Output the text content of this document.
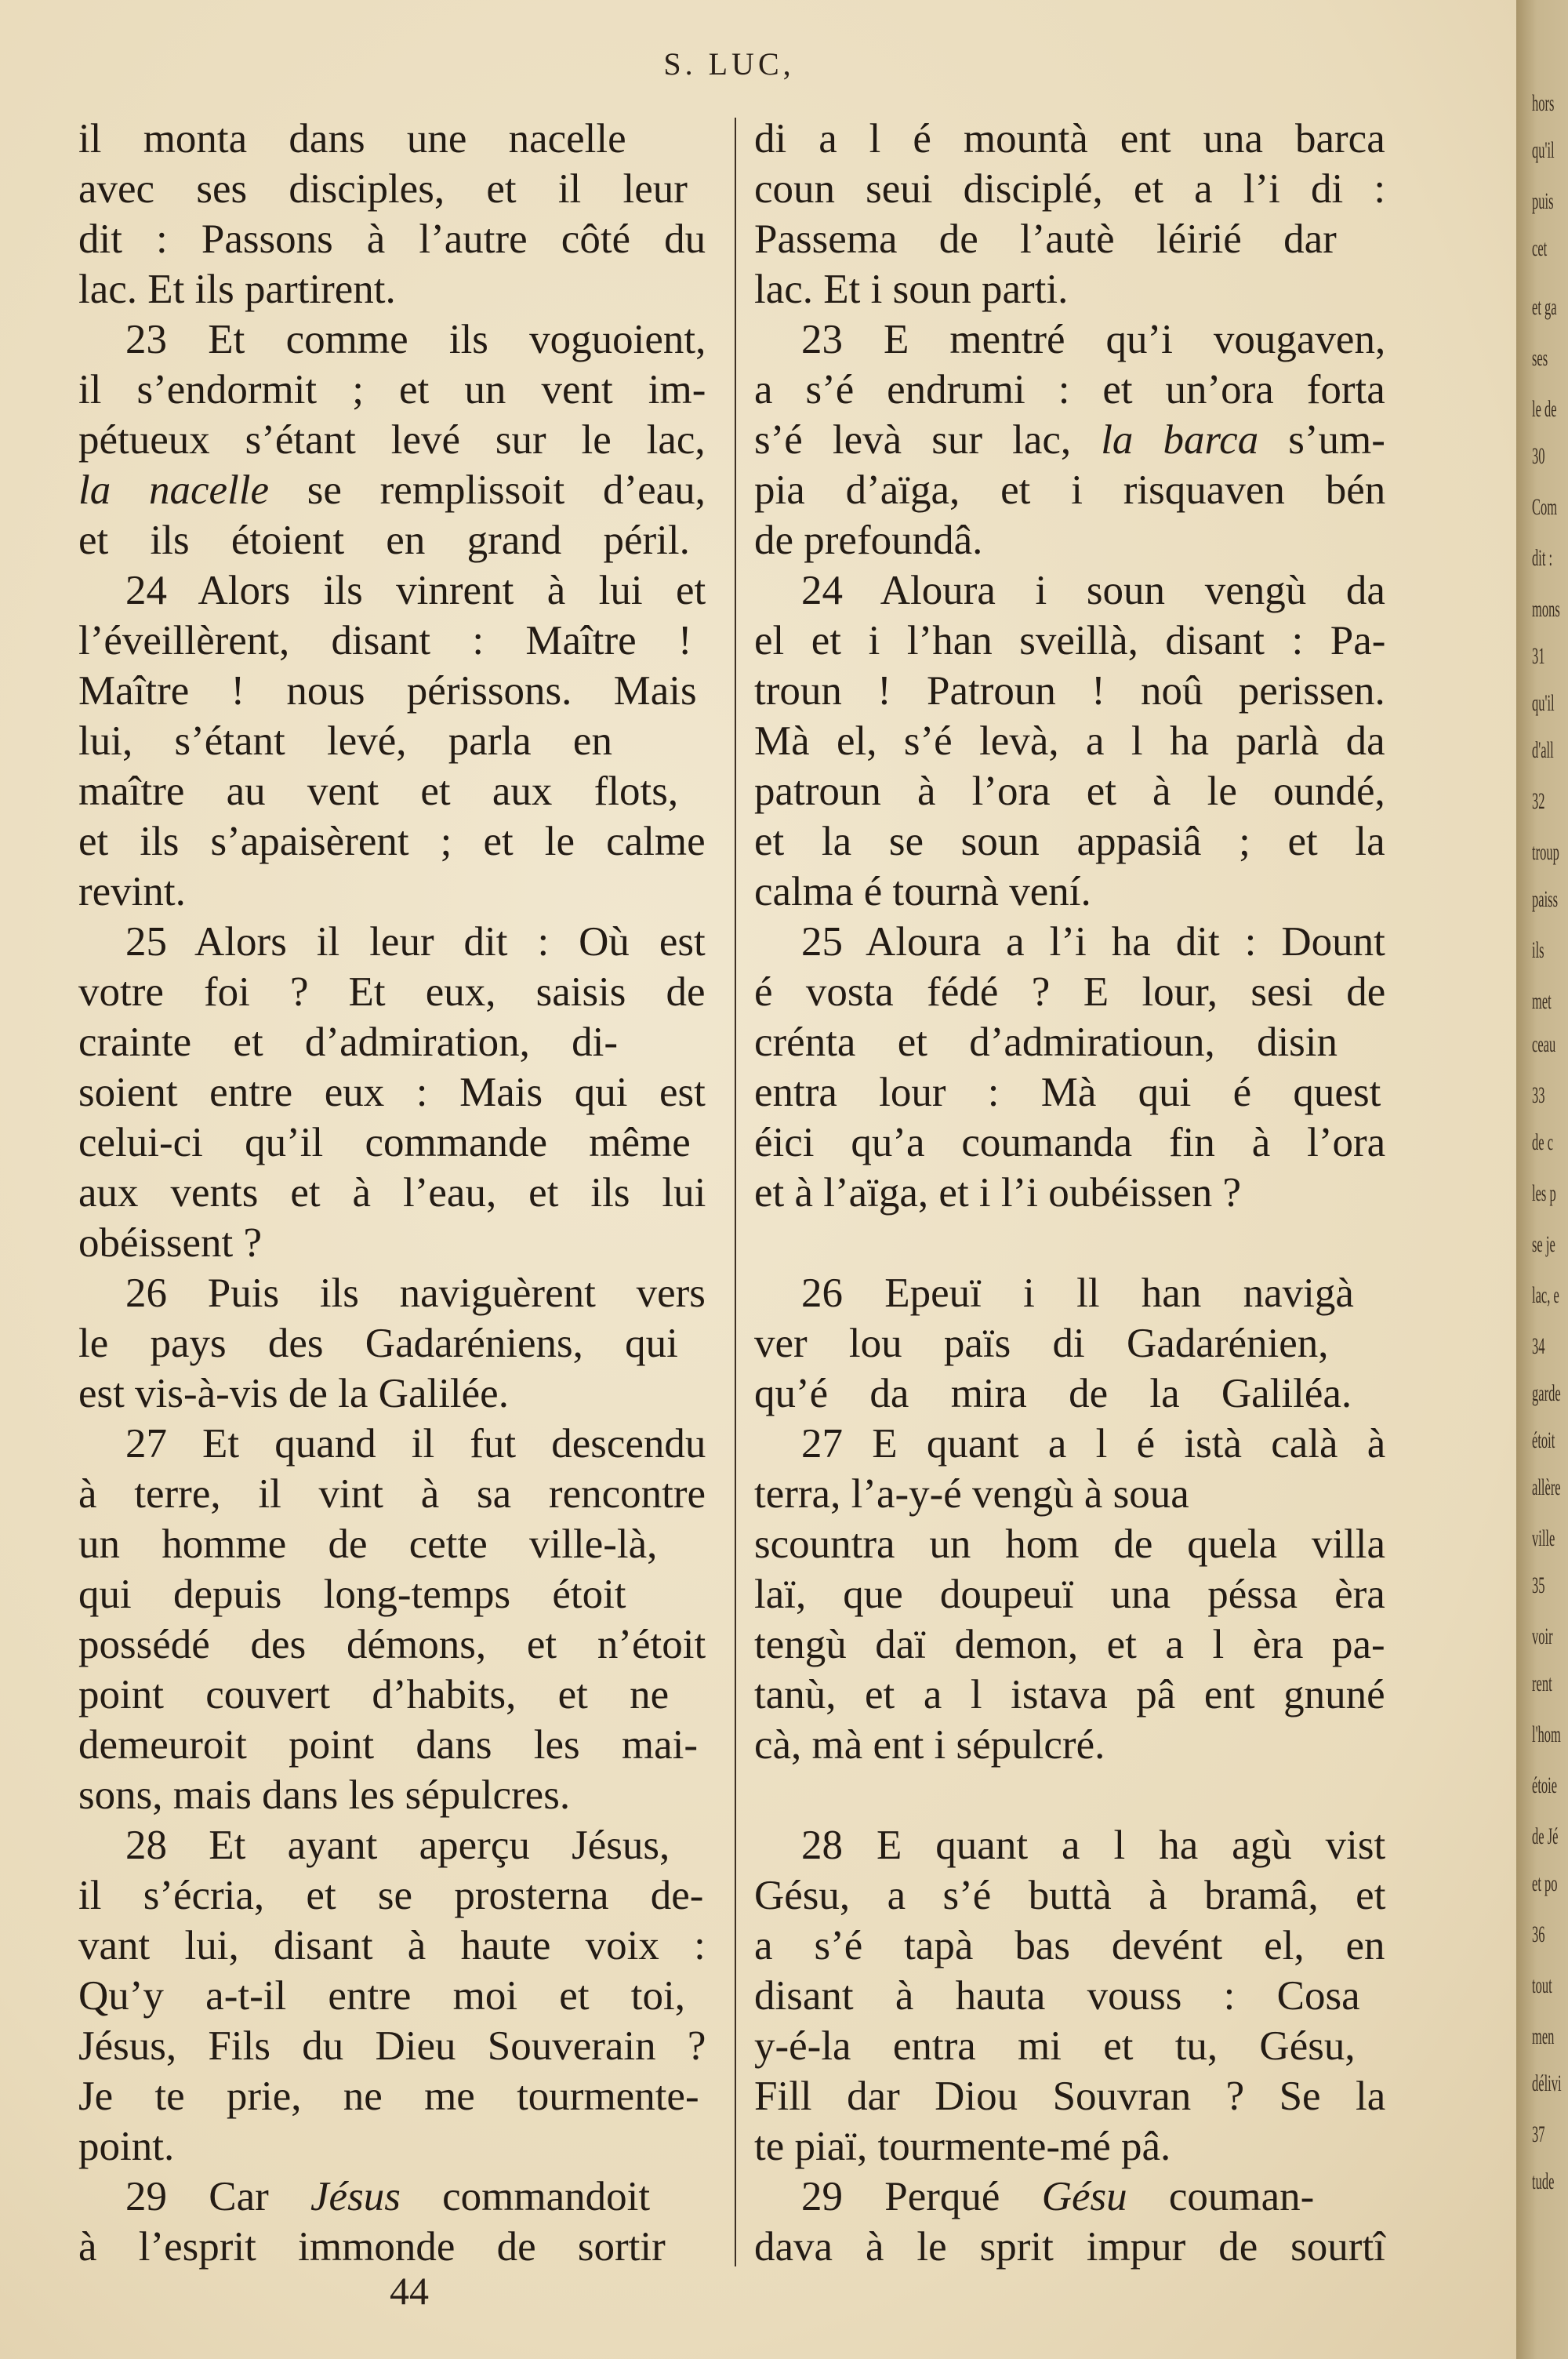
S. LUC,
il monta dans une nacelle
avec ses disciples, et il leur
dit : Passons à l’autre côté du
lac. Et ils partirent.
23 Et comme ils voguoient,
il s’endormit ; et un vent im-
pétueux s’étant levé sur le lac,
la nacelle se remplissoit d’eau,
et ils étoient en grand péril.
24 Alors ils vinrent à lui et
l’éveillèrent, disant : Maître !
Maître ! nous périssons. Mais
lui, s’étant levé, parla en
maître au vent et aux flots,
et ils s’apaisèrent ; et le calme
revint.
25 Alors il leur dit : Où est
votre foi ? Et eux, saisis de
crainte et d’admiration, di-
soient entre eux : Mais qui est
celui-ci qu’il commande même
aux vents et à l’eau, et ils lui
obéissent ?
26 Puis ils naviguèrent vers
le pays des Gadaréniens, qui
est vis-à-vis de la Galilée.
27 Et quand il fut descendu
à terre, il vint à sa rencontre
un homme de cette ville-là,
qui depuis long-temps étoit
possédé des démons, et n’étoit
point couvert d’habits, et ne
demeuroit point dans les mai-
sons, mais dans les sépulcres.
28 Et ayant aperçu Jésus,
il s’écria, et se prosterna de-
vant lui, disant à haute voix :
Qu’y a-t-il entre moi et toi,
Jésus, Fils du Dieu Souverain ?
Je te prie, ne me tourmente-
point.
29 Car Jésus commandoit
à l’esprit immonde de sortir
di a l é mountà ent una barca
coun seui disciplé, et a l’i di :
Passema de l’autè léirié dar
lac. Et i soun parti.
23 E mentré qu’i vougaven,
a s’é endrumi : et un’ora forta
s’é levà sur lac, la barca s’um-
pia d’aïga, et i risquaven bén
de prefoundâ.
24 Aloura i soun vengù da
el et i l’han sveillà, disant : Pa-
troun ! Patroun ! noû perissen.
Mà el, s’é levà, a l ha parlà da
patroun à l’ora et à le oundé,
et la se soun appasiâ ; et la
calma é tournà vení.
25 Aloura a l’i ha dit : Dount
é vosta fédé ? E lour, sesi de
crénta et d’admiratioun, disin
entra lour : Mà qui é quest
éici qu’a coumanda fin à l’ora
et à l’aïga, et i l’i oubéissen ?
26 Epeuï i ll han navigà
ver lou païs di Gadarénien,
qu’é da mira de la Galiléa.
27 E quant a l é istà calà à
terra, l’a-y-é vengù à soua
scountra un hom de quela villa
laï, que doupeuï una péssa èra
tengù daï demon, et a l èra pa-
tanù, et a l istava pâ ent gnuné
cà, mà ent i sépulcré.
28 E quant a l ha agù vist
Gésu, a s’é buttà à bramâ, et
a s’é tapà bas devént el, en
disant à hauta vouss : Cosa
y-é-la entra mi et tu, Gésu,
Fill dar Diou Souvran ? Se la
te piaï, tourmente-mé pâ.
29 Perqué Gésu couman-
dava à le sprit impur de sourtî
44
hors
qu'il
puis
cet
et ga
ses
le de
30
Com
dit :
mons
31
qu'il
d'all
32
troup
paiss
ils
met
ceau
33
de c
les p
se je
lac, e
34
garde
étoit
allère
ville
35
voir
rent
l'hom
étoie
de Jé
et po
36
tout
men
délivi
37
tude
